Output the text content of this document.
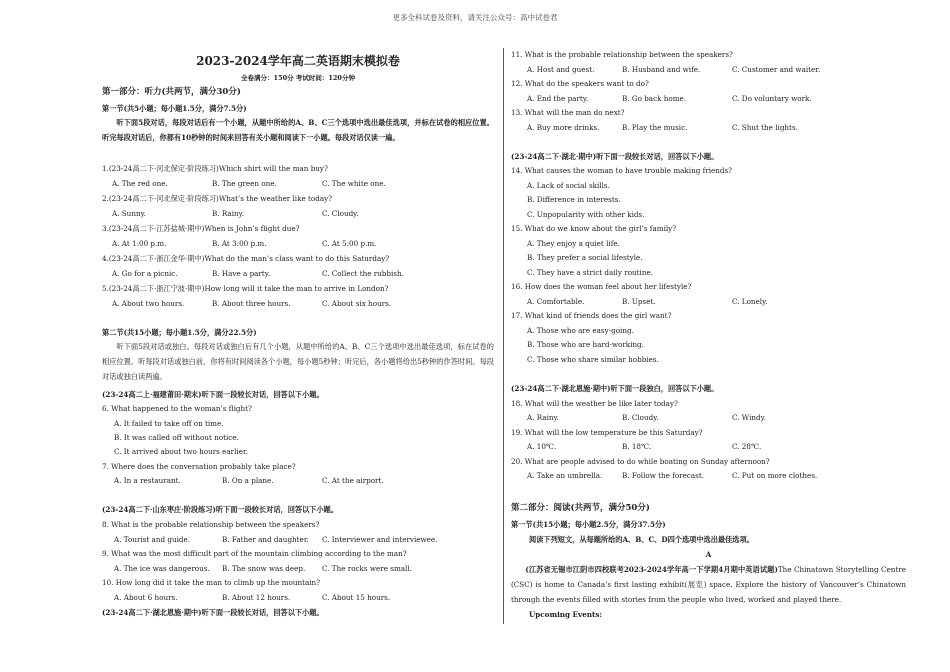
更多全科试卷及资料，请关注公众号：高中试卷君
2023-2024学年高二英语期末模拟卷
全卷满分：150分 考试时间：120分钟
第一部分：听力(共两节，满分30分)
第一节(共5小题；每小题1.5分，满分7.5分)
听下面5段对话，每段对话后有一个小题，从题中所给的A、B、C三个选项中选出最佳选项，并标在试卷的相应位置。听完每段对话后，你都有10秒钟的时间来回答有关小题和阅读下一小题。每段对话仅读一遍。
1.(23-24高二下·河北保定·阶段练习)Which shirt will the man buy?
A. The red one.	B. The green one.	C. The white one.
2.(23-24高二下·河北保定·阶段练习)What’s the weather like today?
A. Sunny.	B. Rainy.	C. Cloudy.
3.(23-24高二下·江苏盐城·期中)When is John’s flight due?
A. At 1:00 p.m.	B. At 3:00 p.m.	C. At 5:00 p.m.
4.(23-24高二下·浙江金华·期中)What do the man’s class want to do this Saturday?
A. Go for a picnic.	B. Have a party.	C. Collect the rubbish.
5.(23-24高二下·浙江宁波·期中)How long will it take the man to arrive in London?
A. About two hours.	B. About three hours.	C. About six hours.
第二节(共15小题；每小题1.5分，满分22.5分)
听下面5段对话或独白。每段对话或独白后有几个小题，从题中所给的A、B、C三个选项中选出最佳选项，标在试卷的相应位置。听每段对话或独白前，你将有时间阅读各个小题，每小题5秒钟；听完后，各小题将给出5秒钟的作答时间。每段对话或独白读两遍。
(23-24高二上·福建莆田·期末)听下面一段较长对话，回答以下小题。
6. What happened to the woman’s flight?
A. It failed to take off on time.
B. It was called off without notice.
C. It arrived about two hours earlier.
7. Where does the conversation probably take place?
A. In a restaurant.	B. On a plane.	C. At the airport.
(23-24高二下·山东枣庄·阶段练习)听下面一段较长对话，回答以下小题。
8. What is the probable relationship between the speakers?
A. Tourist and guide.	B. Father and daughter. C. Interviewer and interviewee.
9. What was the most difficult part of the mountain climbing according to the man?
A. The ice was dangerous. B. The snow was deep. C. The rocks were small.
10. How long did it take the man to climb up the mountain?
A. About 6 hours.	B. About 12 hours.	C. About 15 hours.
(23-24高二下·湖北恩施·期中)听下面一段较长对话，回答以下小题。
11. What is the probable relationship between the speakers?
A. Host and guest.	B. Husband and wife.	C. Customer and waiter.
12. What do the speakers want to do?
A. End the party.	B. Go back home.	C. Do voluntary work.
13. What will the man do next?
A. Buy more drinks.	B. Play the music.	C. Shut the lights.
(23-24高二下·湖北·期中)听下面一段较长对话，回答以下小题。
14. What causes the woman to have trouble making friends?
A. Lack of social skills.
B. Difference in interests.
C. Unpopularity with other kids.
15. What do we know about the girl’s family?
A. They enjoy a quiet life.
B. They prefer a social lifestyle.
C. They have a strict daily routine.
16. How does the woman feel about her lifestyle?
A. Comfortable.	B. Upset.	C. Lonely.
17. What kind of friends does the girl want?
A. Those who are easy-going.
B. Those who are hard-working.
C. Those who share similar hobbies.
(23-24高二下·湖北恩施·期中)听下面一段独白，回答以下小题。
18. What will the weather be like later today?
A. Rainy.	B. Cloudy.	C. Windy.
19. What will the low temperature be this Saturday?
A. 10℃.	B. 18℃.	C. 28℃.
20. What are people advised to do while boating on Sunday afternoon?
A. Take an umbrella.	B. Follow the forecast.	C. Put on more clothes.
第二部分：阅读(共两节，满分50分)
第一节(共15小题；每小题2.5分，满分37.5分)
阅读下列短文，从每题所给的A、B、C、D四个选项中选出最佳选项。
A
(江苏省无锡市江阴市四校联考2023-2024学年高一下学期4月期中英语试题)The Chinatown Storytelling Centre (CSC) is home to Canada’s first lasting exhibit(展览) space. Explore the history of Vancouver’s Chinatown through the events filled with stories from the people who lived, worked and played there.
Upcoming Events:
